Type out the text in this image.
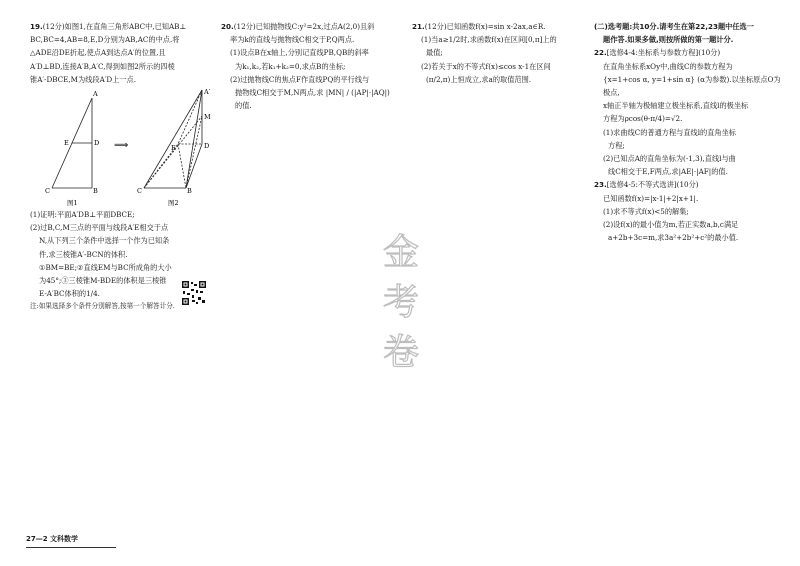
19.(12分)如图1,在直角三角形ABC中,已知AB⊥

BC,BC=4,AB=8,E,D分别为AB,AC的中点.将

△ADE沿DE折起,使点A到达点A′的位置,且

A′D⊥BD,连接A′B,A′C,得到如图2所示的四棱

锥A′-DBCE,M为线段A′D上一点.

A
E	D
C	B
图1
⟹
A′
M
E	D
C	B
图2

(1)证明:平面A′DB⊥平面DBCE;

(2)过B,C,M三点的平面与线段A′E相交于点

N,从下列三个条件中选择一个作为已知条

件,求三棱锥A′-BCN的体积.

①BM=BE;②直线EM与BC所成角的大小

为45°;③三棱锥M-BDE的体积是三棱锥

E-A′BC体积的1/4.

注:如果选择多个条件分别解答,按第一个解答计分.

20.(12分)已知抛物线C:y²=2x,过点A(2,0)且斜

率为k的直线与抛物线C相交于P,Q两点.

(1)设点B在x轴上,分别记直线PB,QB的斜率

为k₁,k₂,若k₁+k₂=0,求点B的坐标;

(2)过抛物线C的焦点F作直线PQ的平行线与

抛物线C相交于M,N两点,求 |MN| / (|AP|·|AQ|)

的值.

21.(12分)已知函数f(x)=sin x-2ax,a∈R.

(1)当a≥1/2时,求函数f(x)在区间[0,π]上的

最值;

(2)若关于x的不等式f(x)≤cos x-1在区间

(π/2,π)上恒成立,求a的取值范围.

(二)选考题:共10分.请考生在第22,23题中任选一

题作答.如果多做,则按所做的第一题计分.

22.[选修4-4:坐标系与参数方程](10分)

在直角坐标系xOy中,曲线C的参数方程为

{x=1+cos α, y=1+sin α} (α为参数).以坐标原点O为极点,

x轴正半轴为极轴建立极坐标系,直线l的极坐标

方程为ρcos(θ-π/4)=√2.

(1)求曲线C的普通方程与直线l的直角坐标

方程;

(2)已知点A的直角坐标为(-1,3),直线l与曲

线C相交于E,F两点,求|AE|·|AF|的值.

23.[选修4-5:不等式选讲](10分)

已知函数f(x)=|x-1|+2|x+1|.

(1)求不等式f(x)<5的解集;

(2)设f(x)的最小值为m,若正实数a,b,c满足

a+2b+3c=m,求3a²+2b²+c²的最小值.

金
考
卷
27—2 文科数学
